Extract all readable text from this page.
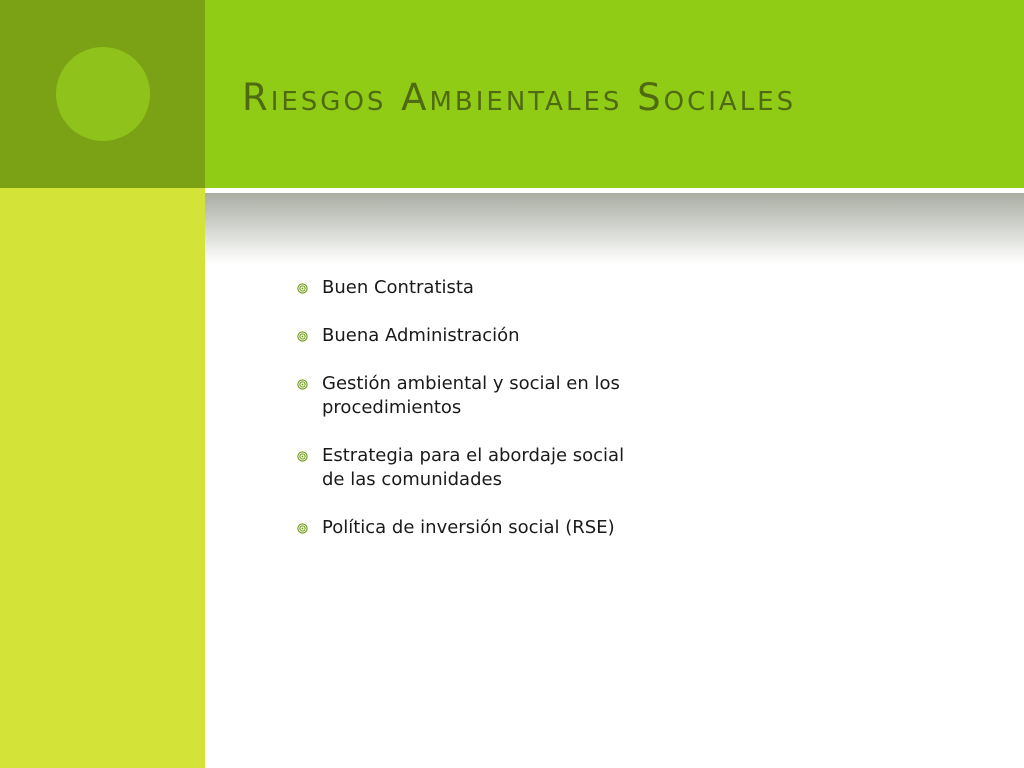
Riesgos Ambientales Sociales
Buen Contratista
Buena Administración
Gestión ambiental y social en los procedimientos
Estrategia para el abordaje social de las comunidades
Política de inversión social (RSE)
